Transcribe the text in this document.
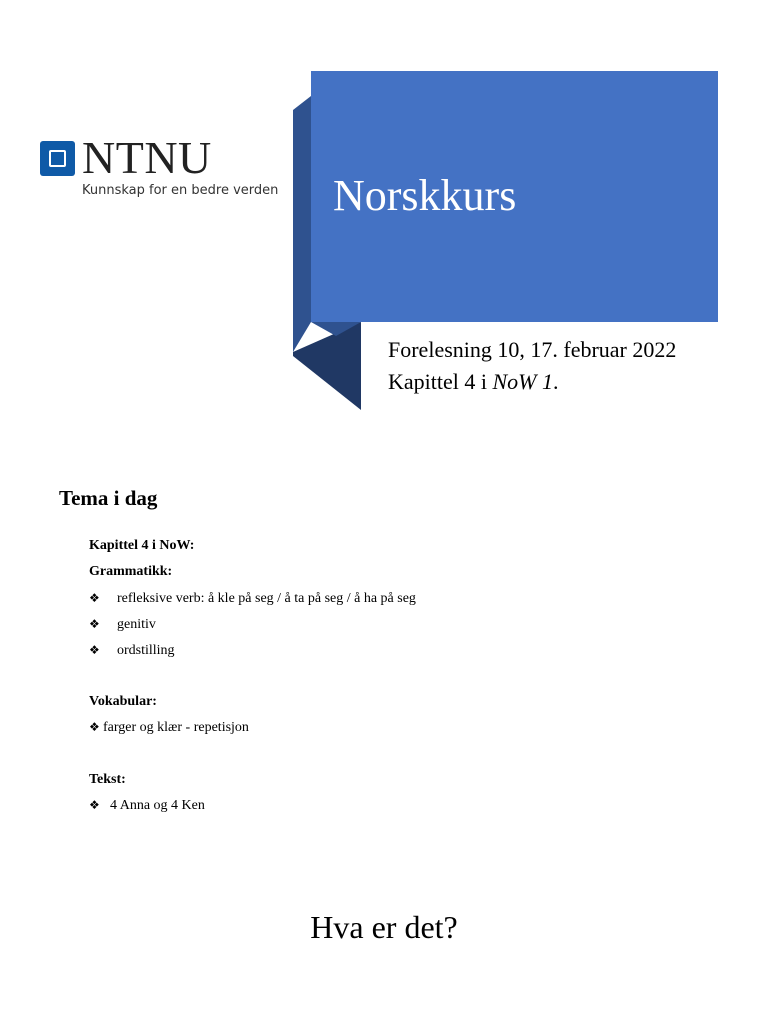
NTNU
Kunnskap for en bedre verden Norskkurs
Forelesning 10, 17. februar 2022
Kapittel 4 i NoW 1.
Tema i dag
Kapittel 4 i NoW:
Grammatikk:
❖ refleksive verb: å kle på seg / å ta på seg / å ha på seg
❖ genitiv
❖ ordstilling
Vokabular:
❖ farger og klær - repetisjon
Tekst:
❖ 4 Anna og 4 Ken
Hva er det?
